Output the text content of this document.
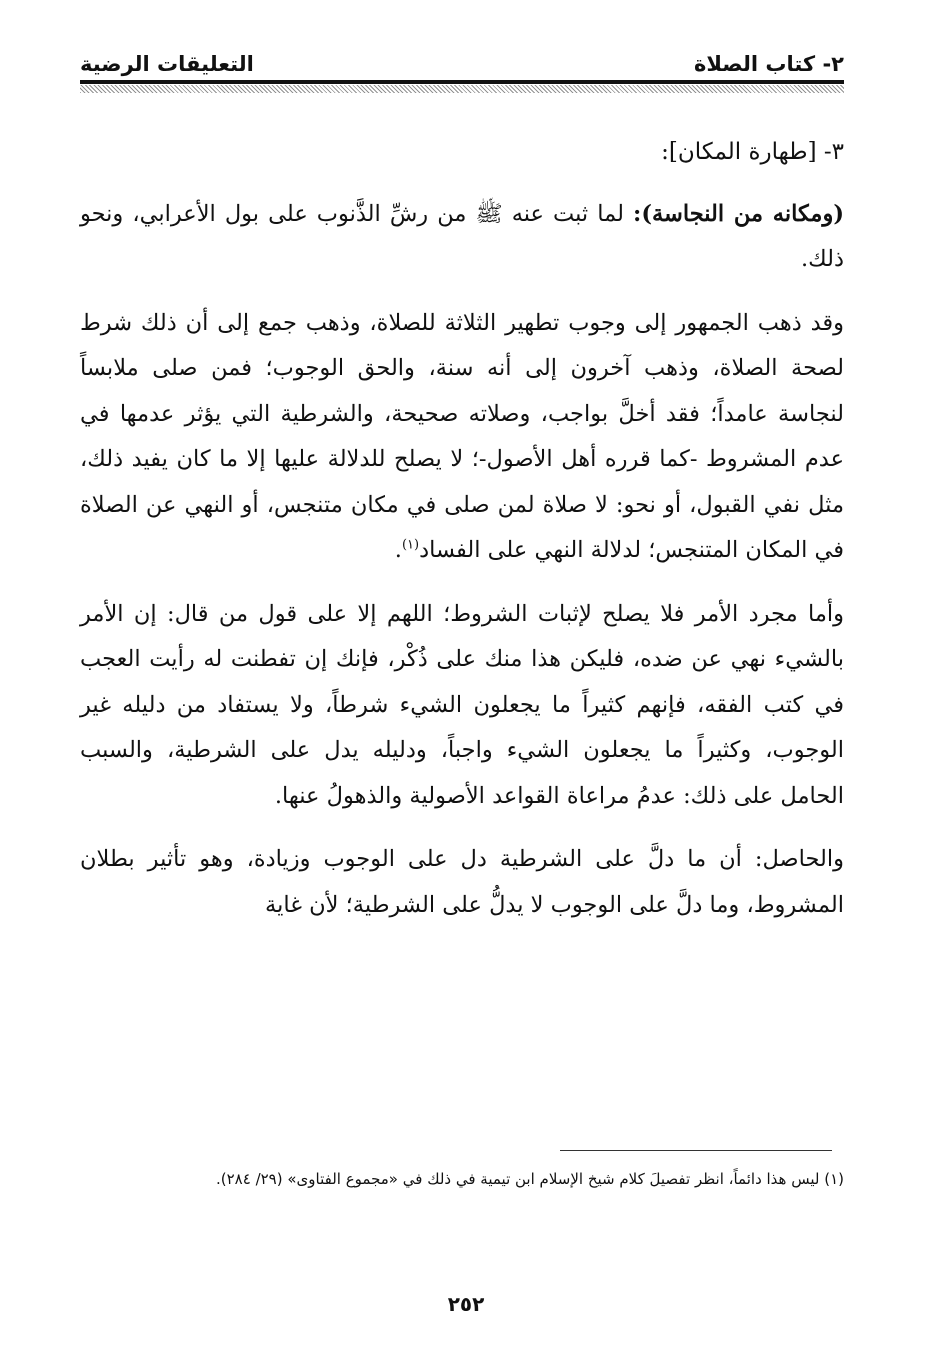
٢- كتاب الصلاة
التعليقات الرضية

٣- [طهارة المكان]:

(ومكانه من النجاسة): لما ثبت عنه ﷺ من رشِّ الذَّنوب على بول الأعرابي، ونحو ذلك.

وقد ذهب الجمهور إلى وجوب تطهير الثلاثة للصلاة، وذهب جمع إلى أن ذلك شرط لصحة الصلاة، وذهب آخرون إلى أنه سنة، والحق الوجوب؛ فمن صلى ملابساً لنجاسة عامداً؛ فقد أخلَّ بواجب، وصلاته صحيحة، والشرطية التي يؤثر عدمها في عدم المشروط -كما قرره أهل الأصول-؛ لا يصلح للدلالة عليها إلا ما كان يفيد ذلك، مثل نفي القبول، أو نحو: لا صلاة لمن صلى في مكان متنجس، أو النهي عن الصلاة في المكان المتنجس؛ لدلالة النهي على الفساد$^{(١)}$.

وأما مجرد الأمر فلا يصلح لإثبات الشروط؛ اللهم إلا على قول من قال: إن الأمر بالشيء نهي عن ضده، فليكن هذا منك على ذُكْر، فإنك إن تفطنت له رأيت العجب في كتب الفقه، فإنهم كثيراً ما يجعلون الشيء شرطاً، ولا يستفاد من دليله غير الوجوب، وكثيراً ما يجعلون الشيء واجباً، ودليله يدل على الشرطية، والسبب الحامل على ذلك: عدمُ مراعاة القواعد الأصولية والذهولُ عنها.

والحاصل: أن ما دلَّ على الشرطية دل على الوجوب وزيادة، وهو تأثير بطلان المشروط، وما دلَّ على الوجوب لا يدلُّ على الشرطية؛ لأن غاية

(١) ليس هذا دائماً، انظر تفصيلَ كلام شيخ الإسلام ابن تيمية في ذلك في «مجموع الفتاوى» (٢٩/ ٢٨٤).

٢٥٢
